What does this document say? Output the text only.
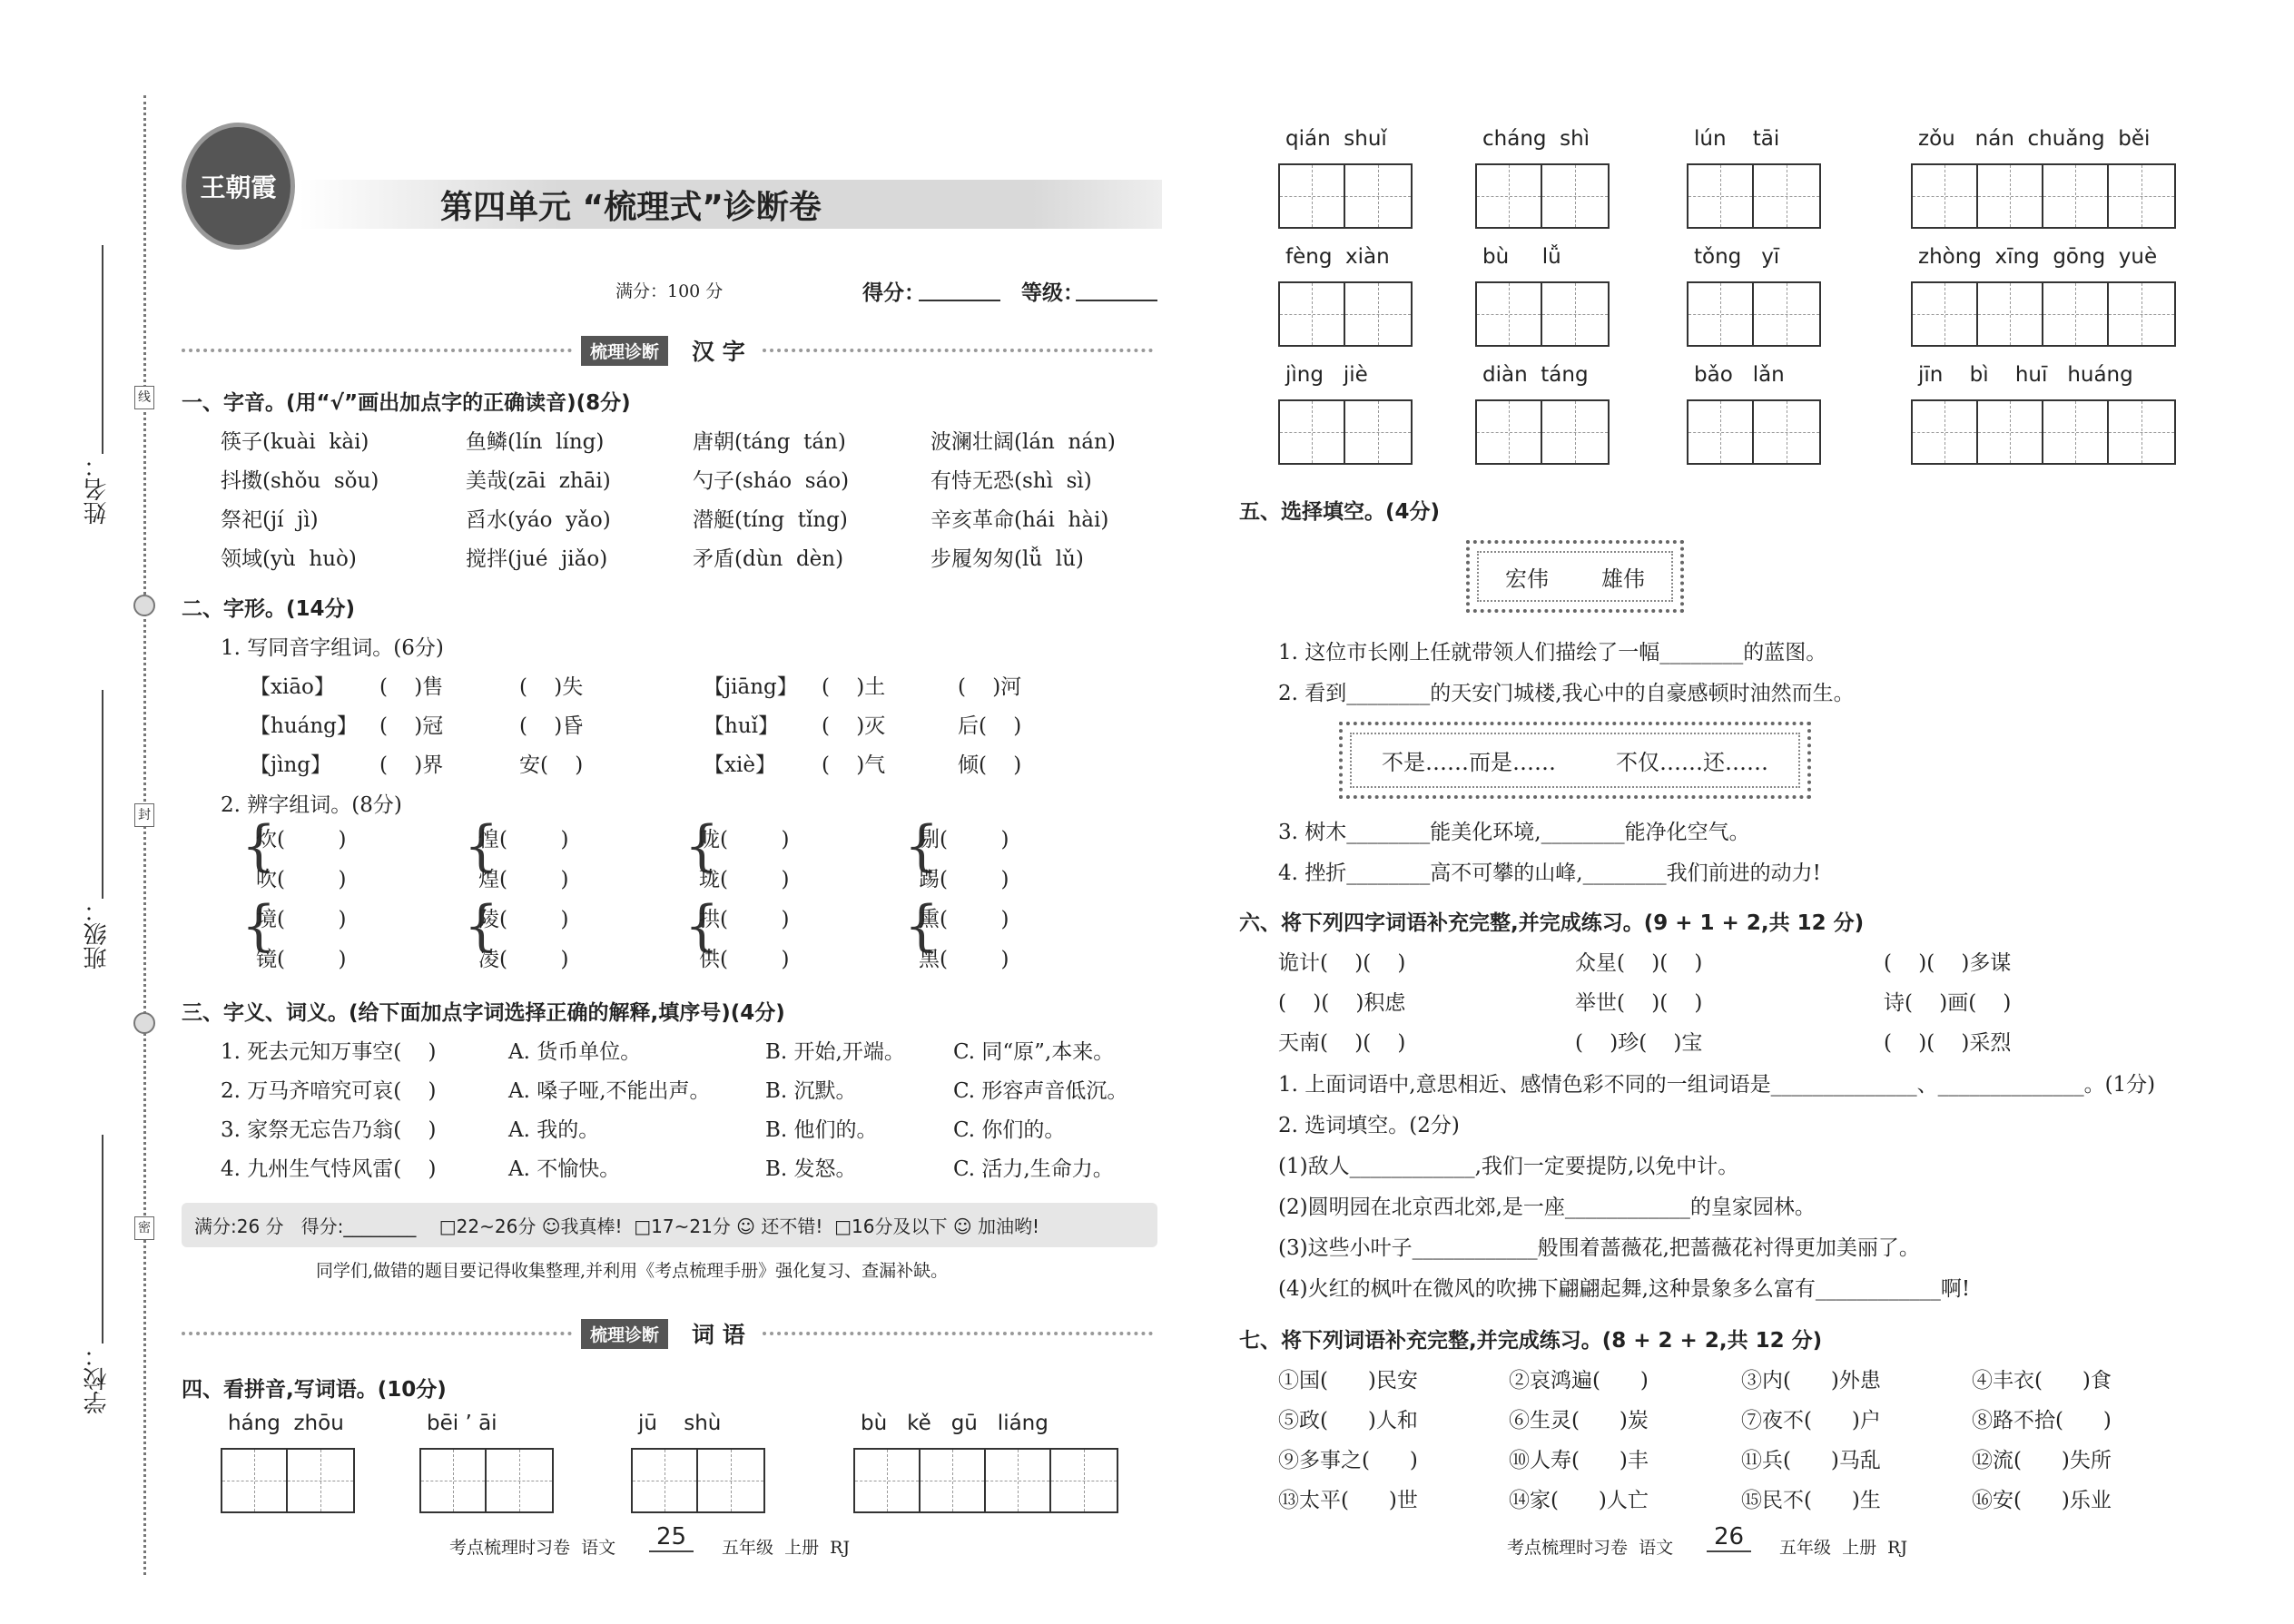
姓名：
班级：
学校：
线
封
密
王朝霞
第四单元 “梳理式”诊断卷
满分：100 分	得分：	等级：
梳理诊断	汉 字
一、字音。(用“√”画出加点字的正确读音)(8分)
筷子(kuài  kài)	鱼鳞(lín  líng)	唐朝(táng  tán)	波澜壮阔(lán  nán)
抖擞(shǒu  sǒu)	美哉(zāi  zhāi)	勺子(sháo  sáo)	有恃无恐(shì  sì)
祭祀(jí  jì)	舀水(yáo  yǎo)	潜艇(tíng  tǐng)	辛亥革命(hái  hài)
领域(yù  huò)	搅拌(jué  jiǎo)	矛盾(dùn  dèn)	步履匆匆(lǚ  lǔ)
二、字形。(14分)
1. 写同音字组词。(6分)
【xiāo】 (    )售	(    )失	【jiāng】 (    )土	(    )河
【huáng】 (    )冠	(    )昏	【huǐ】 (    )灭	后(    )
【jìng】 (    )界	安(    )	【xiè】 (    )气	倾(    )
2. 辨字组词。(8分)
{
炊(        )
吹(        )
{
惶(        )
煌(        )
{
咙(        )
珑(        )
{
剔(        )
踢(        )
{
境(        )
镜(        )
{
陵(        )
凌(        )
{
拱(        )
供(        )
{
熏(        )
黑(        )
三、字义、词义。(给下面加点字词选择正确的解释,填序号)(4分)
1. 死去元知万事空(    )	A. 货币单位。	B. 开始,开端。 C. 同“原”,本来。
2. 万马齐喑究可哀(    )	A. 嗓子哑,不能出声。	B. 沉默。	C. 形容声音低沉。
3. 家祭无忘告乃翁(    )	A. 我的。	B. 他们的。	C. 你们的。
4. 九州生气恃风雷(    )	A. 不愉快。	B. 发怒。	C. 活力,生命力。
满分:26 分   得分:________    □22~26分 ☺我真棒!  □17~21分 ☺ 还不错!  □16分及以下 ☺ 加油哟!
同学们,做错的题目要记得收集整理,并利用《考点梳理手册》强化复习、查漏补缺。
梳理诊断	词 语
四、看拼音,写词语。(10分)
háng  zhōu	bēi ’ āi	jū    shù	bù   kě   gū   liáng
qián  shuǐ	cháng  shì	lún    tāi	zǒu   nán  chuǎng  běi
fèng  xiàn	bù     lǚ	tǒng   yī	zhòng  xīng  gōng  yuè
jìng   jiè	diàn  táng	bǎo   lǎn	jīn    bì    huī   huáng
五、选择填空。(4分)
宏伟 雄伟
1. 这位市长刚上任就带领人们描绘了一幅________的蓝图。
2. 看到________的天安门城楼,我心中的自豪感顿时油然而生。
不是……而是……	不仅……还……
3. 树木________能美化环境,________能净化空气。
4. 挫折________高不可攀的山峰,________我们前进的动力!
六、将下列四字词语补充完整,并完成练习。(9 + 1 + 2,共 12 分)
诡计(    )(    )	众星(    )(    )	(    )(    )多谋
(    )(    )积虑	举世(    )(    )	诗(    )画(    )
天南(    )(    )	(    )珍(    )宝	(    )(    )采烈
1. 上面词语中,意思相近、感情色彩不同的一组词语是______________、______________。(1分)
2. 选词填空。(2分)
(1)敌人____________,我们一定要提防,以免中计。
(2)圆明园在北京西北郊,是一座____________的皇家园林。
(3)这些小叶子____________般围着蔷薇花,把蔷薇花衬得更加美丽了。
(4)火红的枫叶在微风的吹拂下翩翩起舞,这种景象多么富有____________啊!
七、将下列词语补充完整,并完成练习。(8 + 2 + 2,共 12 分)
①国(      )民安	②哀鸿遍(      )	③内(      )外患	④丰衣(      )食
⑤政(      )人和	⑥生灵(      )炭	⑦夜不(      )户	⑧路不拾(      )
⑨多事之(      )	⑩人寿(      )丰	⑪兵(      )马乱	⑫流(      )失所
⑬太平(      )世	⑭家(      )人亡	⑮民不(      )生	⑯安(      )乐业
考点梳理时习卷  语文	25	五年级  上册  RJ	考点梳理时习卷  语文	26	五年级  上册  RJ
